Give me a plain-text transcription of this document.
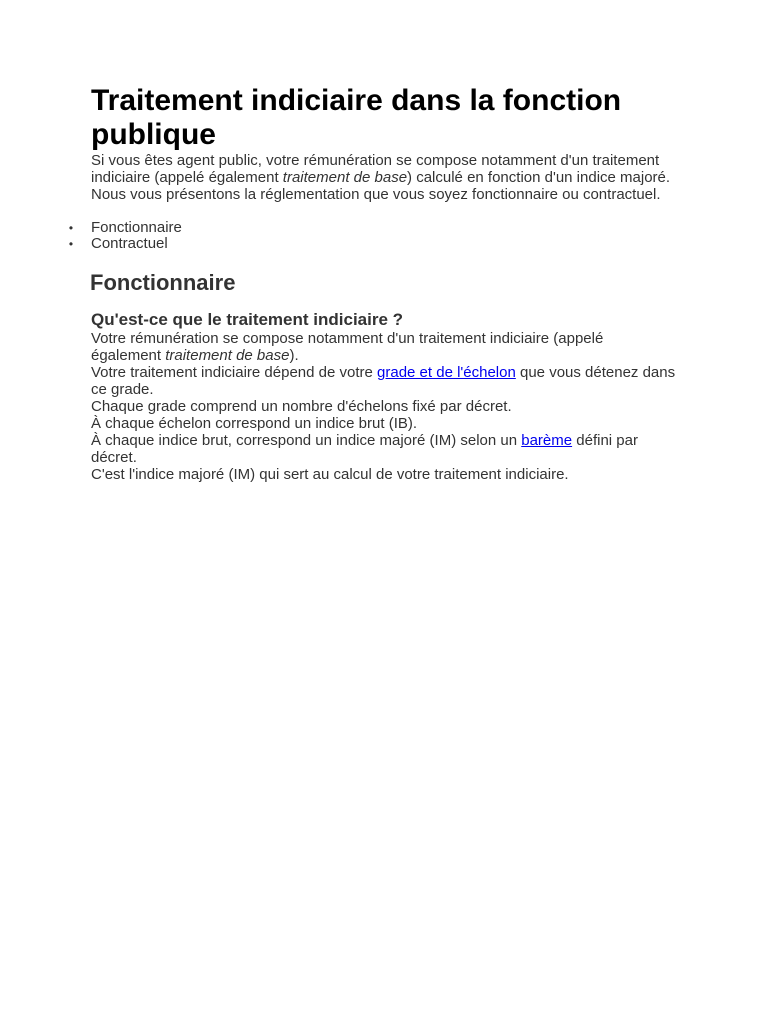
Traitement indiciaire dans la fonction publique

Si vous êtes agent public, votre rémunération se compose notamment d'un traitement indiciaire (appelé également traitement de base) calculé en fonction d'un indice majoré.

Nous vous présentons la réglementation que vous soyez fonctionnaire ou contractuel.

• Fonctionnaire
• Contractuel
Fonctionnaire
Qu'est-ce que le traitement indiciaire ?

Votre rémunération se compose notamment d'un traitement indiciaire (appelé également traitement de base).

Votre traitement indiciaire dépend de votre grade et de l'échelon que vous détenez dans ce grade.

Chaque grade comprend un nombre d'échelons fixé par décret.

À chaque échelon correspond un indice brut (IB).

À chaque indice brut, correspond un indice majoré (IM) selon un barème défini par décret.

C'est l'indice majoré (IM) qui sert au calcul de votre traitement indiciaire.
